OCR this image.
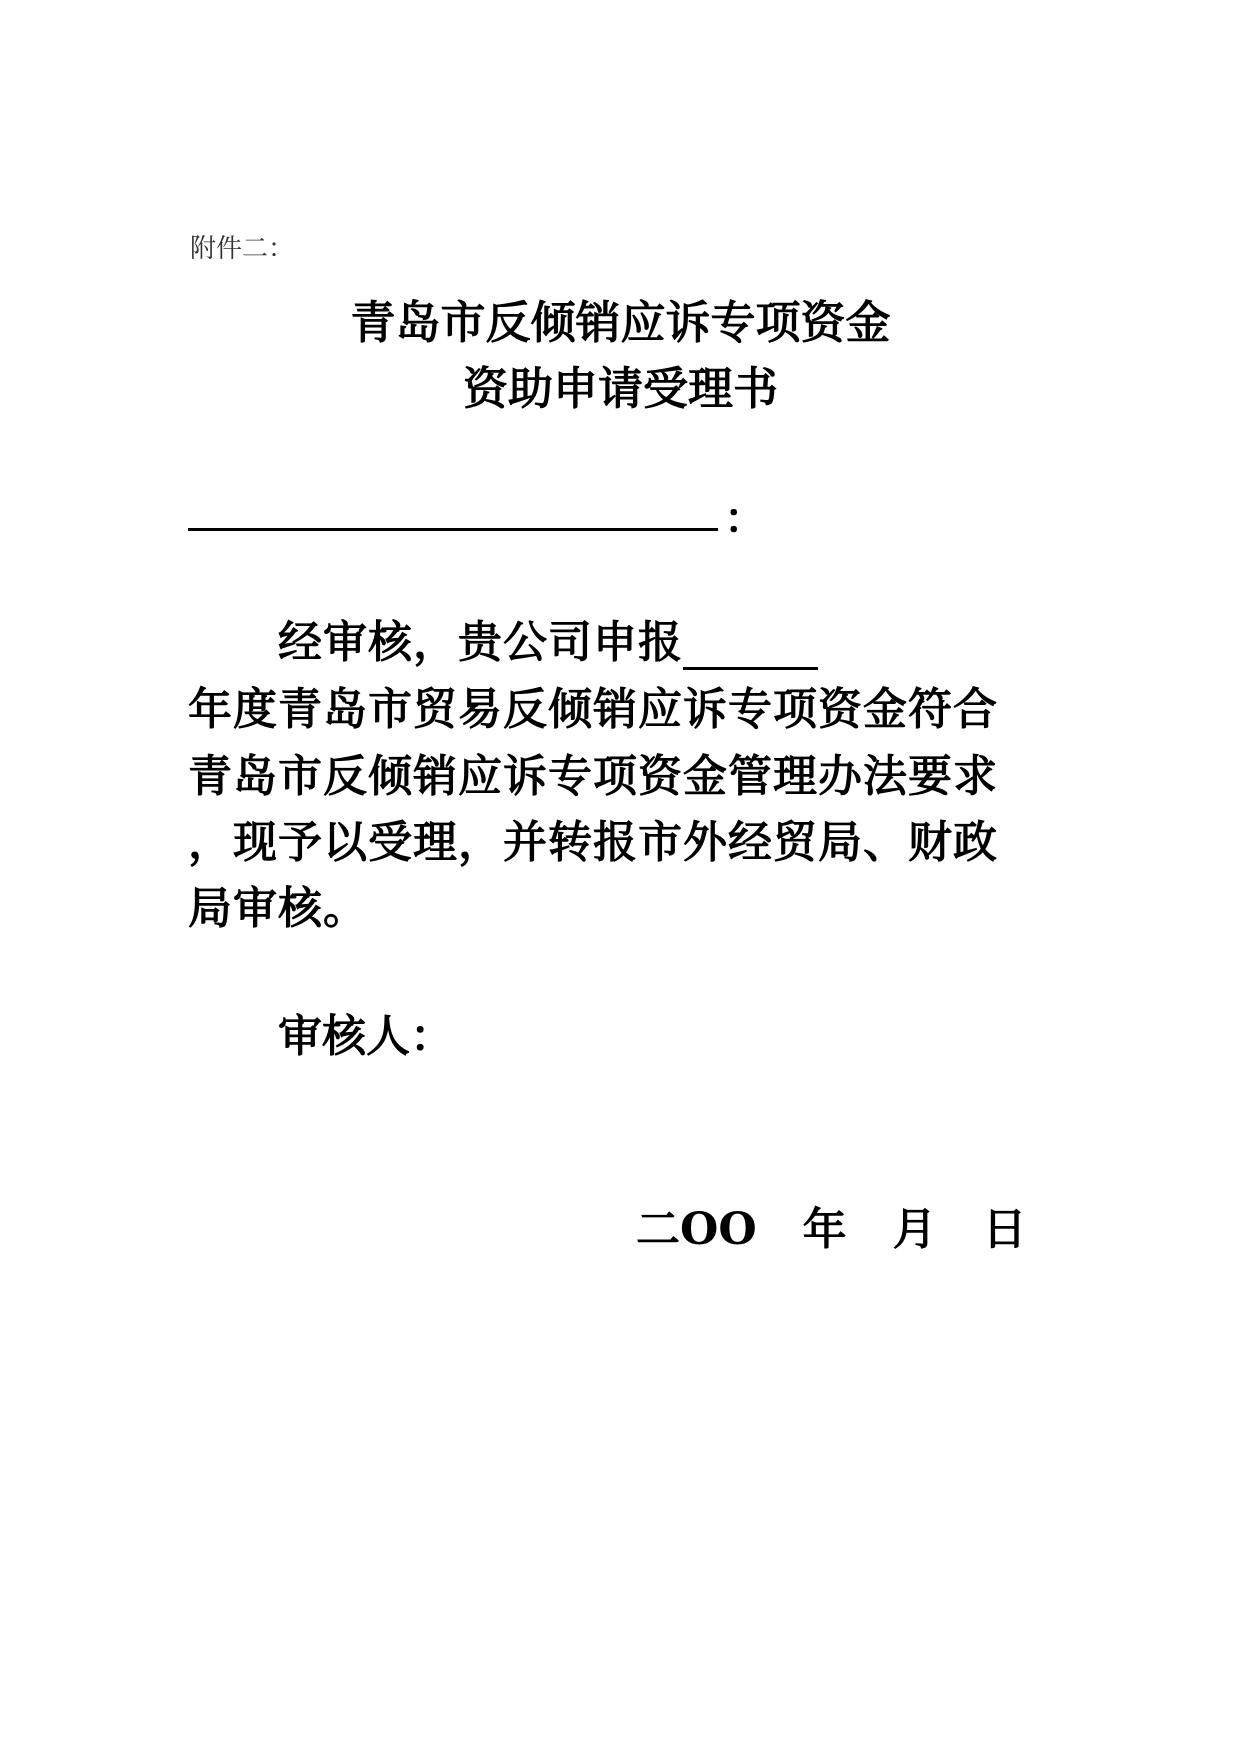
附件二：
青岛市反倾销应诉专项资金
资助申请受理书
：
经审核，贵公司申报
年度青岛市贸易反倾销应诉专项资金符合
青岛市反倾销应诉专项资金管理办法要求
，现予以受理，并转报市外经贸局、财政
局审核。
审核人：
二OO 年 月 日
